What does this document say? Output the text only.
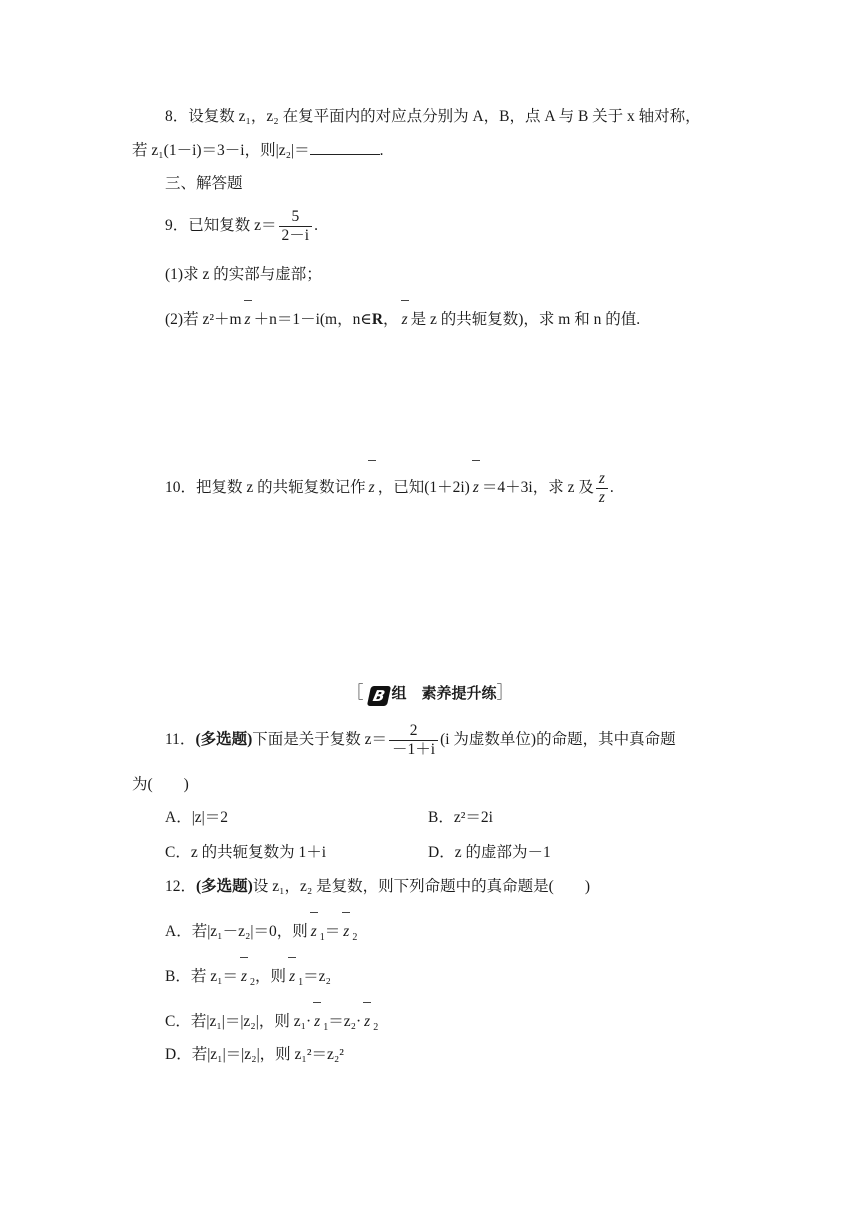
8．设复数 z₁，z₂ 在复平面内的对应点分别为 A，B，点 A 与 B 关于 x 轴对称，
若 z₁(1－i)＝3－i，则|z₂|＝	.
三、解答题
9．已知复数 $z= \frac{5}{2-i}$ .
(1)求 z 的实部与虚部；
(2)若 z²＋m z ＋n＝1－i(m，n∈R， z 是 z 的共轭复数)，求 m 和 n 的值.
10．把复数 z 的共轭复数记作 z ，已知(1＋2i) z ＝4＋3i，求 z 及 $\frac{z}{z}$ .
［ B 组　素养提升练］
11．(多选题)下面是关于复数 $z= \frac{2}{-1+i} (i$ 为虚数单位)的命题，其中真命题
为(　　)
A．|z|＝2	B．z²＝2i
C．z 的共轭复数为 1＋i	D．z 的虚部为－1
12．(多选题)设 z₁，z₂ 是复数，则下列命题中的真命题是(　　)
A．若|z₁－z₂|＝0，则 z $_1$＝ z $_2$
B．若 z₁＝ z $_2$，则 z $_1$＝z₂
C．若|z₁|＝|z₂|，则 z₁· z $_1$＝z₂· z $_2$
D．若|z₁|＝|z₂|，则 z₁²＝z₂²
